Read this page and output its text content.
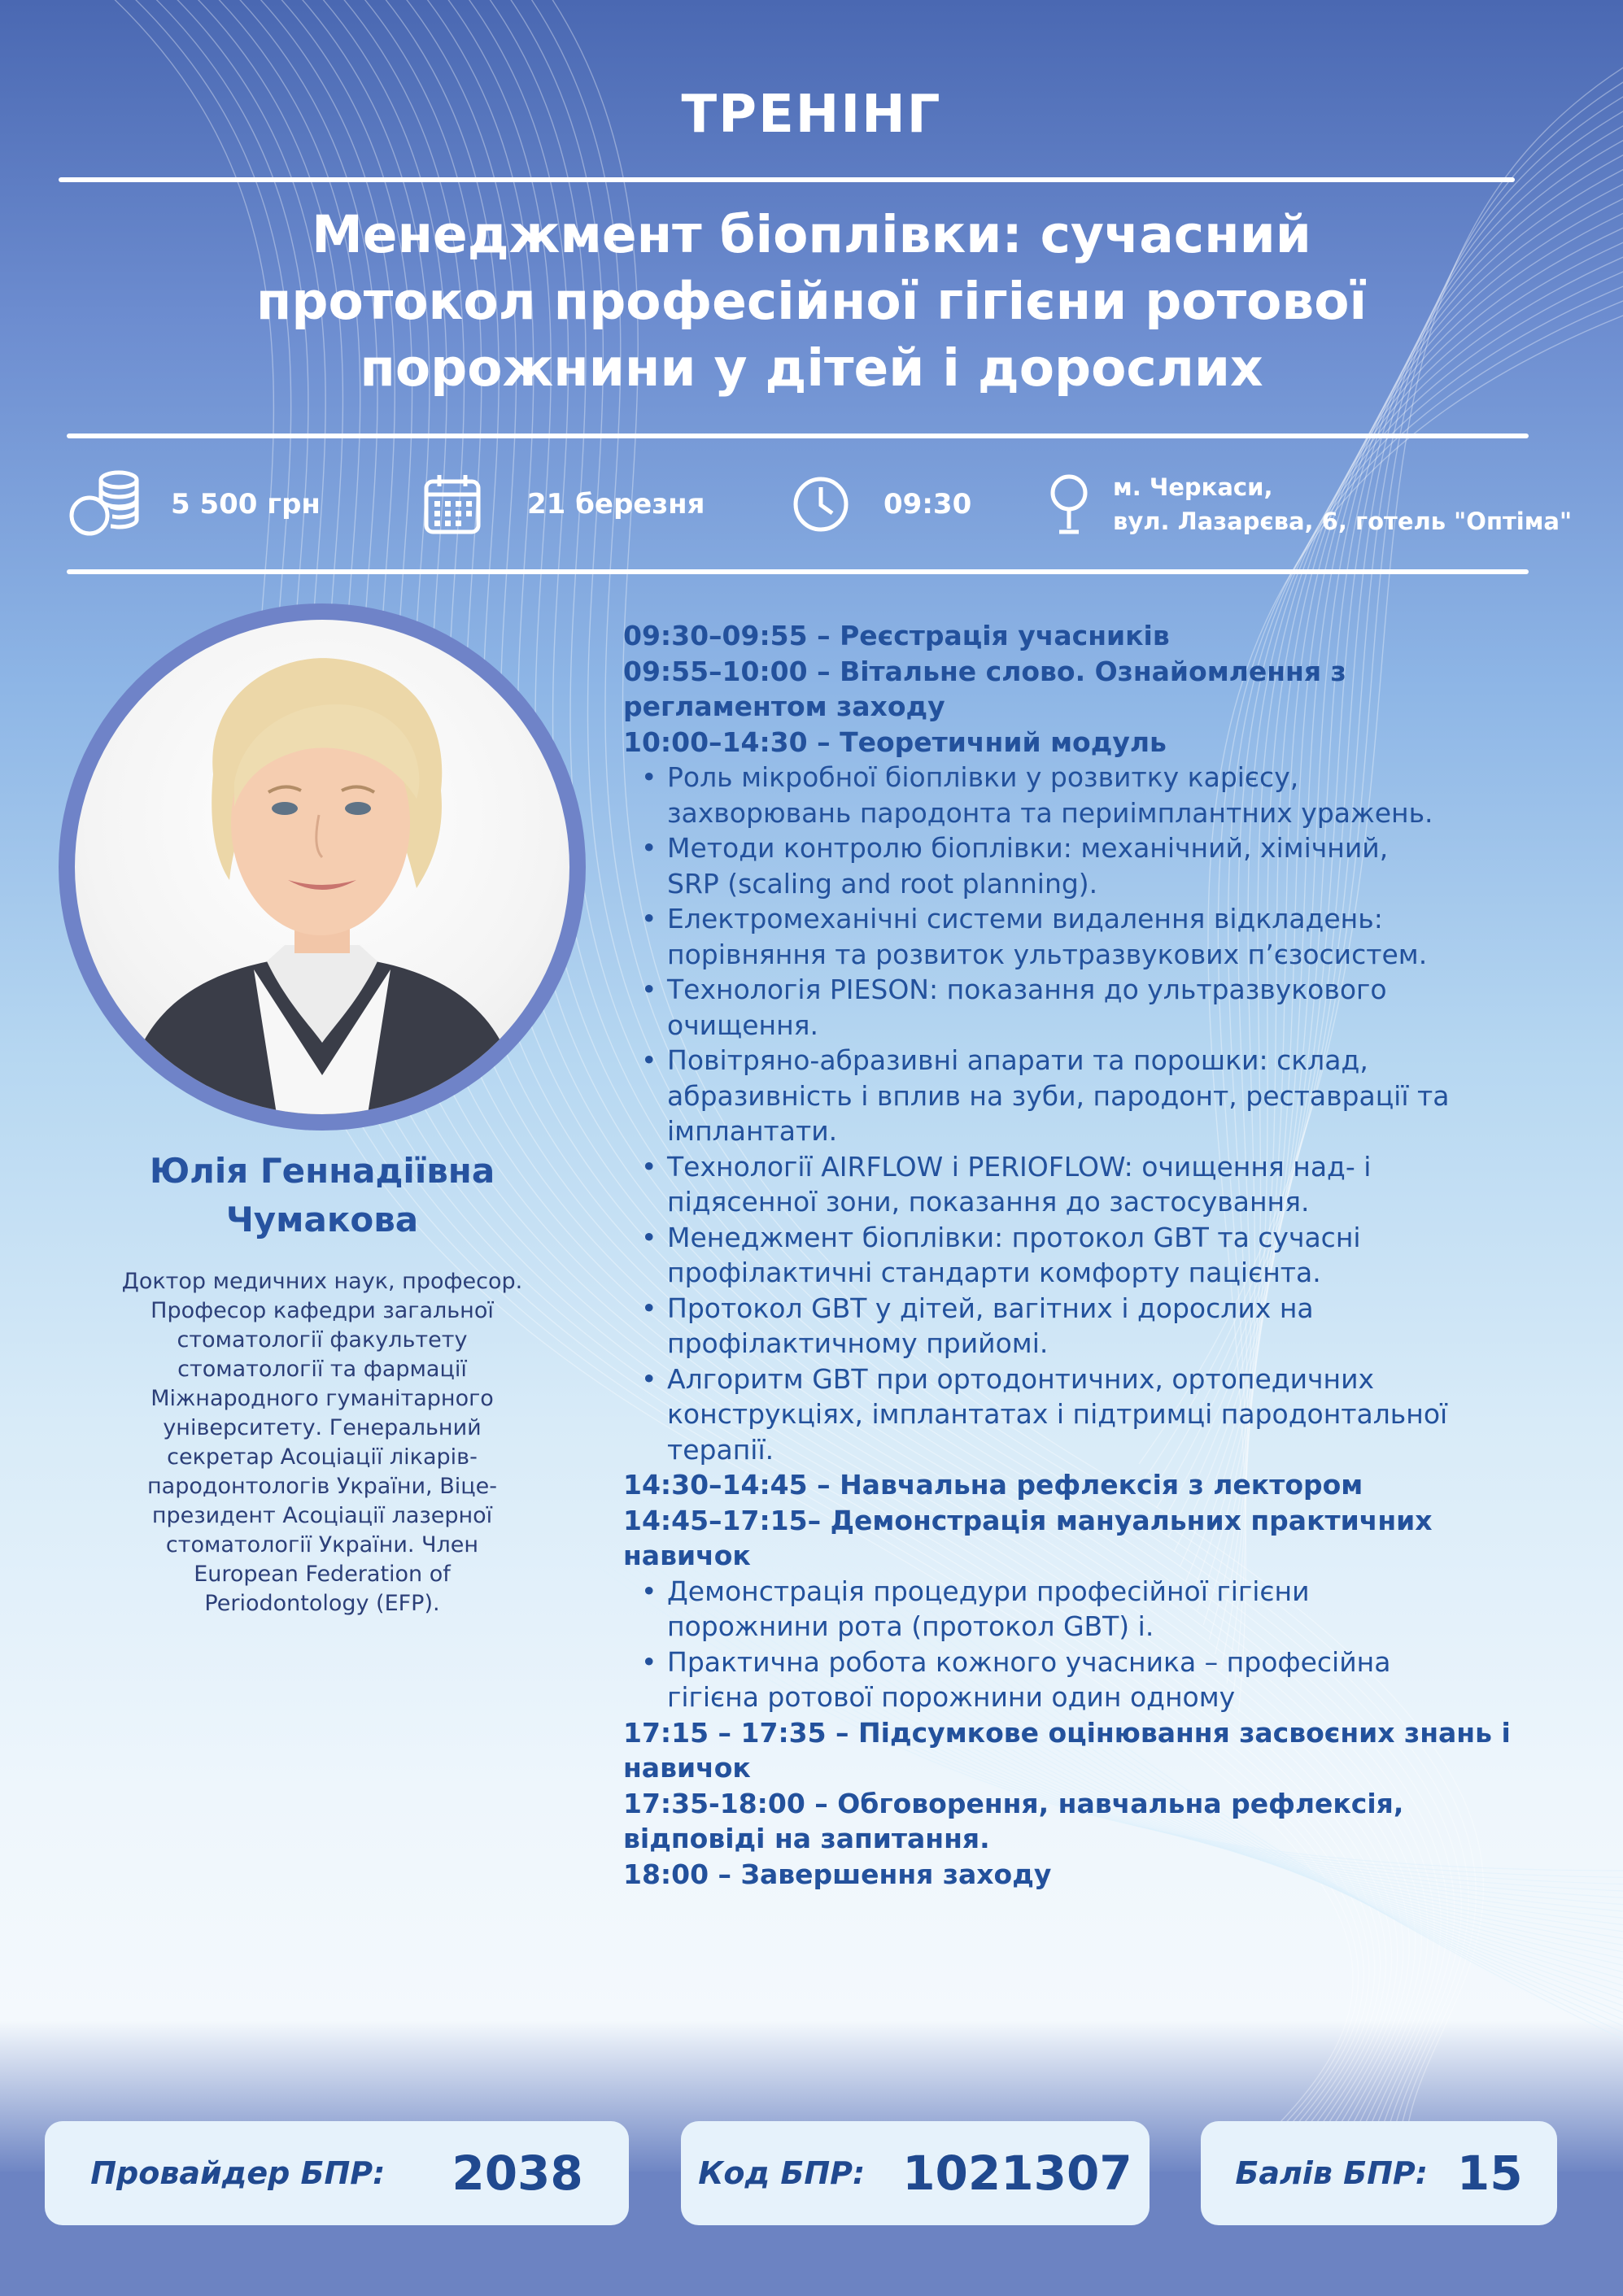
ТРЕНІНГ
Менеджмент біоплівки: сучасний
протокол професійної гігієни ротової
порожнини у дітей і дорослих
5 500 грн	21 березня	09:30
м. Черкаси,
вул. Лазарєва, 6, готель "Оптіма"
Юлія Геннадіївна
Чумакова
Доктор медичних наук, професор.
Професор кафедри загальної
стоматології факультету
стоматології та фармації
Міжнародного гуманітарного
університету. Генеральний
секретар Асоціації лікарів-
пародонтологів України, Віце-
президент Асоціації лазерної
стоматології України. Член
European Federation of
Periodontology (EFP).
09:30–09:55 – Реєстрація учасників
09:55–10:00 – Вітальне слово. Ознайомлення з
регламентом заходу
10:00–14:30 – Теоретичний модуль
• Роль мікробної біоплівки у розвитку карієсу,
захворювань пародонта та периімплантних уражень.
• Методи контролю біоплівки: механічний, хімічний,
SRP (scaling and root planning).
• Електромеханічні системи видалення відкладень:
порівняння та розвиток ультразвукових п’єзосистем.
• Технологія PIESON: показання до ультразвукового
очищення.
• Повітряно-абразивні апарати та порошки: склад,
абразивність і вплив на зуби, пародонт, реставрації та
імплантати.
• Технології AIRFLOW і PERIOFLOW: очищення над- і
підясенної зони, показання до застосування.
• Менеджмент біоплівки: протокол GBT та сучасні
профілактичні стандарти комфорту пацієнта.
• Протокол GBT у дітей, вагітних і дорослих на
профілактичному прийомі.
• Алгоритм GBT при ортодонтичних, ортопедичних
конструкціях, імплантатах і підтримці пародонтальної
терапії.
14:30–14:45 – Навчальна рефлексія з лектором
14:45–17:15– Демонстрація мануальних практичних
навичок
• Демонстрація процедури професійної гігієни
порожнини рота (протокол GBT) і.
• Практична робота кожного учасника – професійна
гігієна ротової порожнини один одному
17:15 – 17:35 – Підсумкове оцінювання засвоєних знань і
навичок
17:35-18:00 – Обговорення, навчальна рефлексія,
відповіді на запитання.
18:00 – Завершення заходу
Провайдер БПР: 2038	Код БПР: 1021307	Балів БПР: 15
